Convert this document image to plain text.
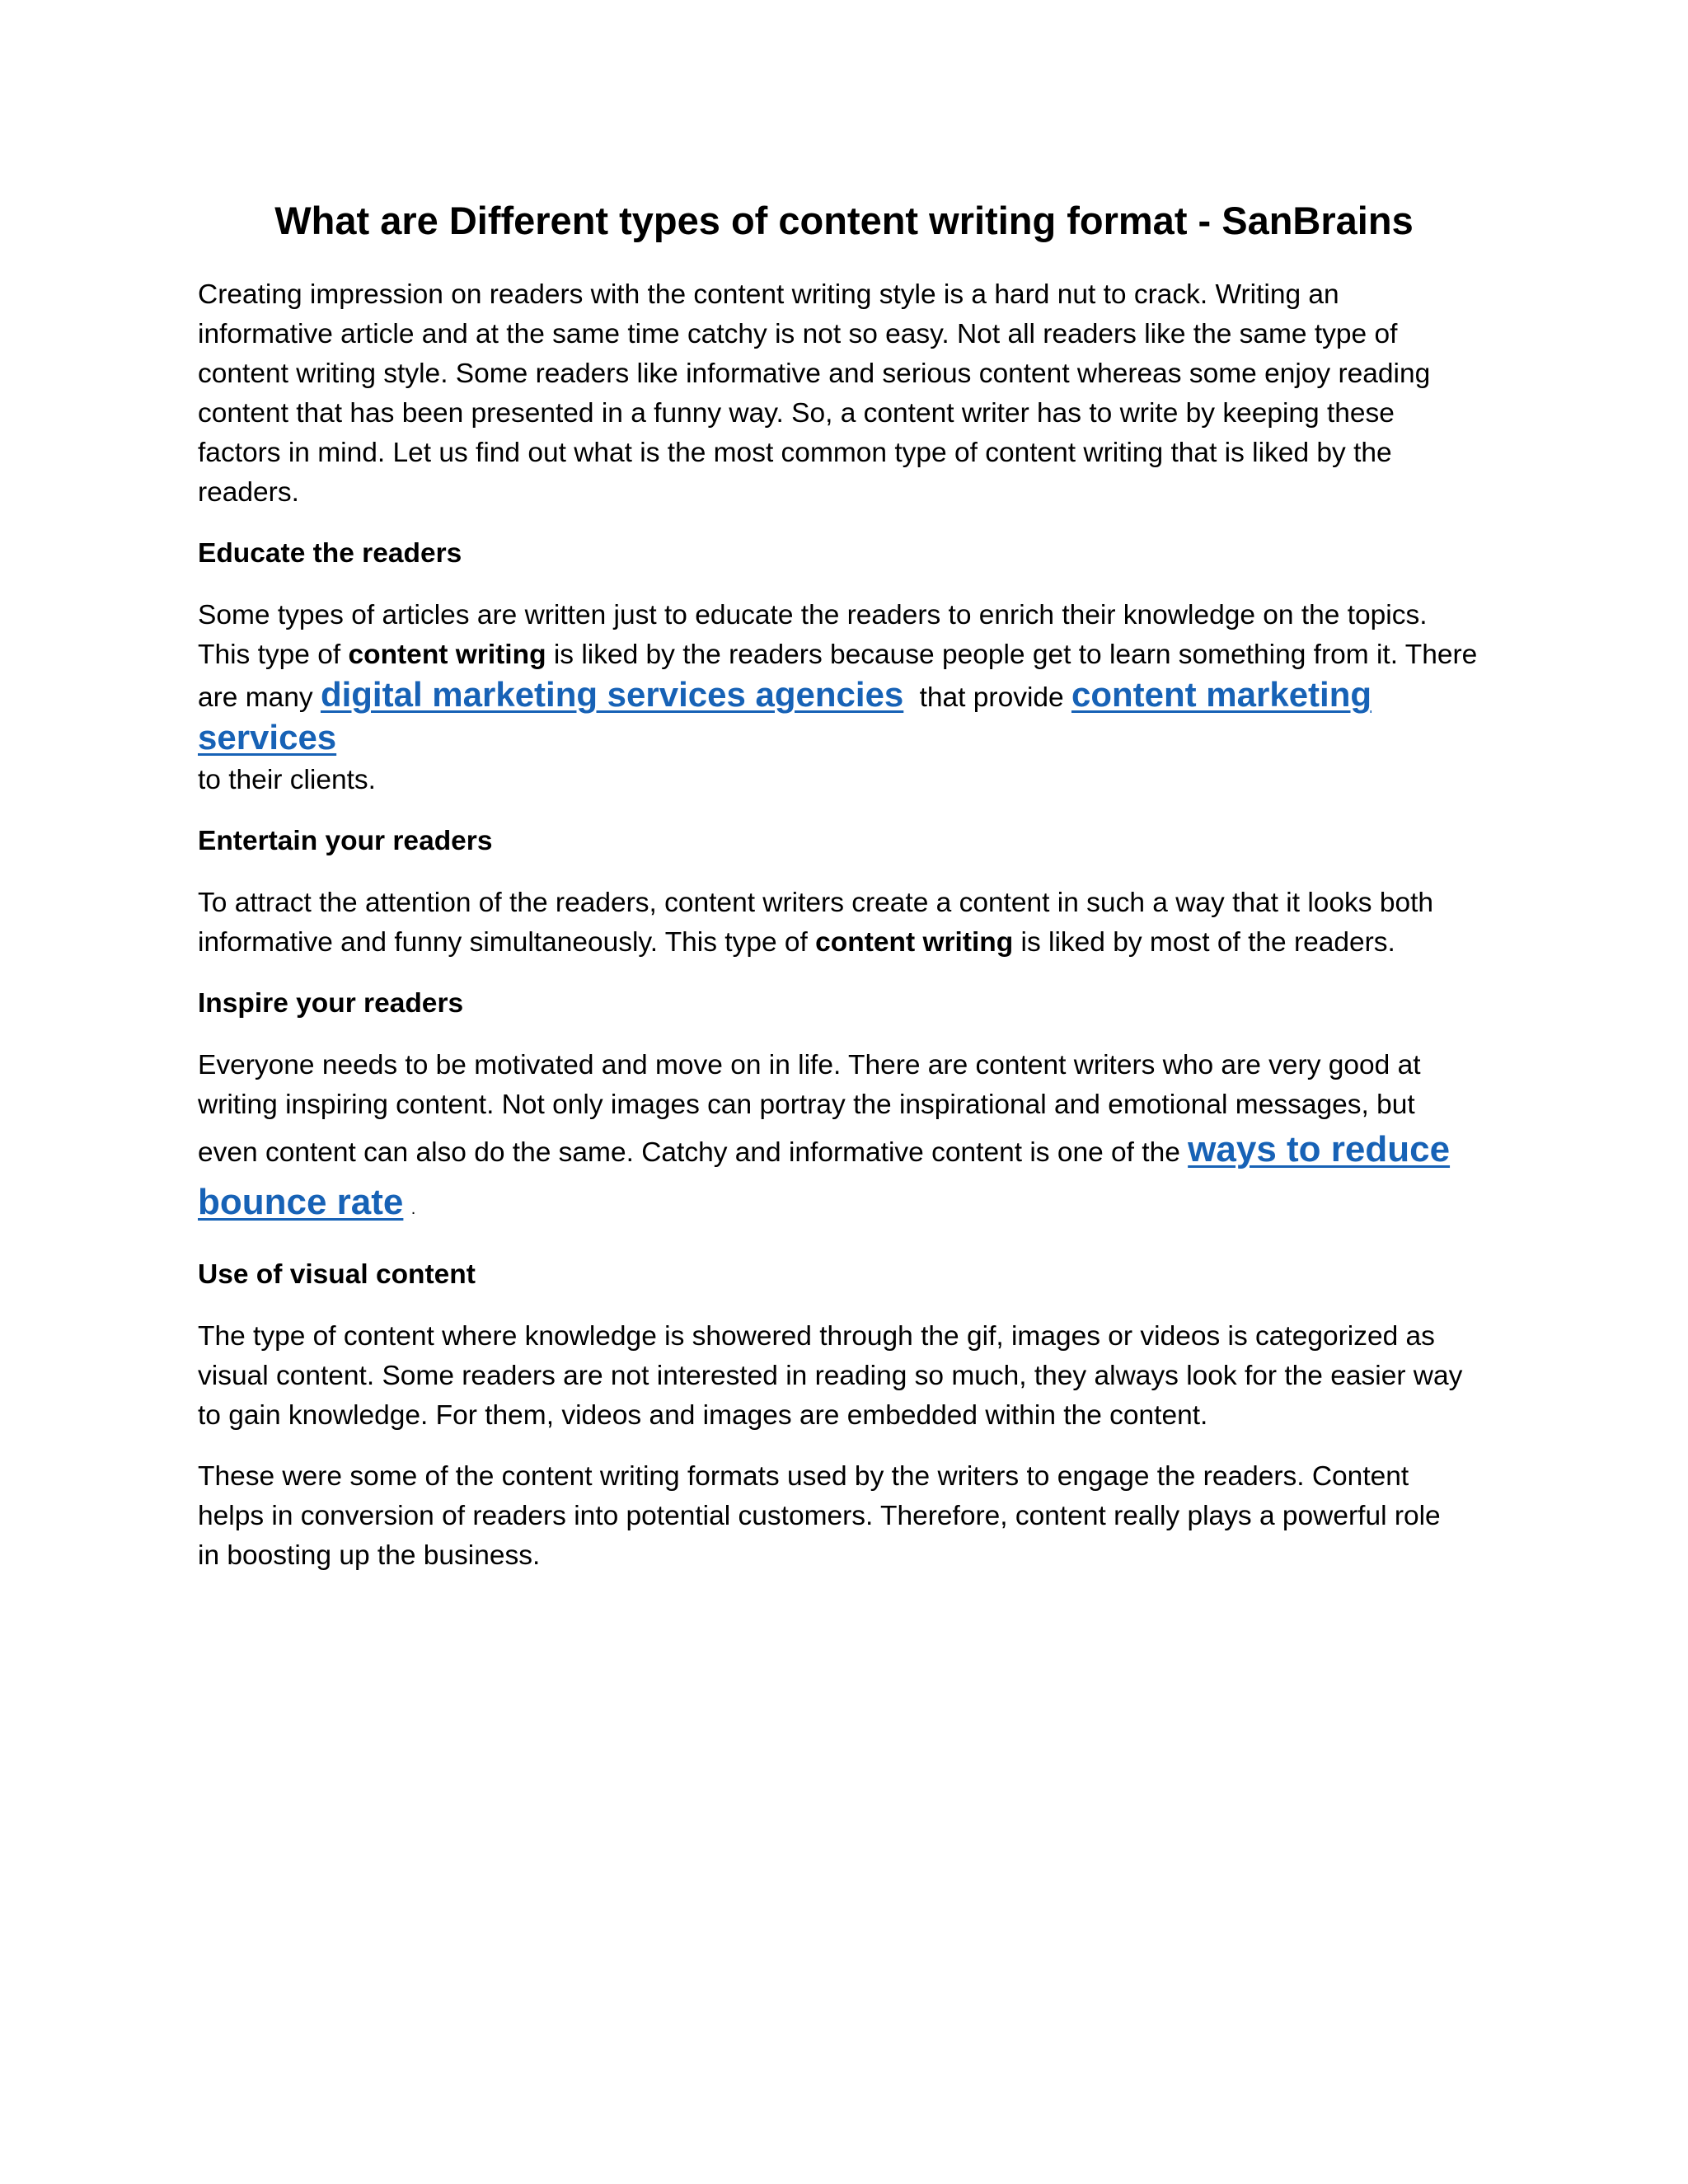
What are Different types of content writing format - SanBrains

Creating impression on readers with the content writing style is a hard nut to crack. Writing an
informative article and at the same time catchy is not so easy. Not all readers like the same type of
content writing style. Some readers like informative and serious content whereas some enjoy reading
content that has been presented in a funny way. So, a content writer has to write by keeping these
factors in mind. Let us find out what is the most common type of content writing that is liked by the
readers.

Educate the readers

Some types of articles are written just to educate the readers to enrich their knowledge on the topics.
This type of content writing is liked by the readers because people get to learn something from it. There
are many digital marketing services agencies that provide content marketing services
to their clients.

Entertain your readers

To attract the attention of the readers, content writers create a content in such a way that it looks both
informative and funny simultaneously. This type of content writing is liked by most of the readers.

Inspire your readers

Everyone needs to be motivated and move on in life. There are content writers who are very good at
writing inspiring content. Not only images can portray the inspirational and emotional messages, but
even content can also do the same. Catchy and informative content is one of the ways to reduce
bounce rate .

Use of visual content

The type of content where knowledge is showered through the gif, images or videos is categorized as
visual content. Some readers are not interested in reading so much, they always look for the easier way
to gain knowledge. For them, videos and images are embedded within the content.

These were some of the content writing formats used by the writers to engage the readers. Content
helps in conversion of readers into potential customers. Therefore, content really plays a powerful role
in boosting up the business.
